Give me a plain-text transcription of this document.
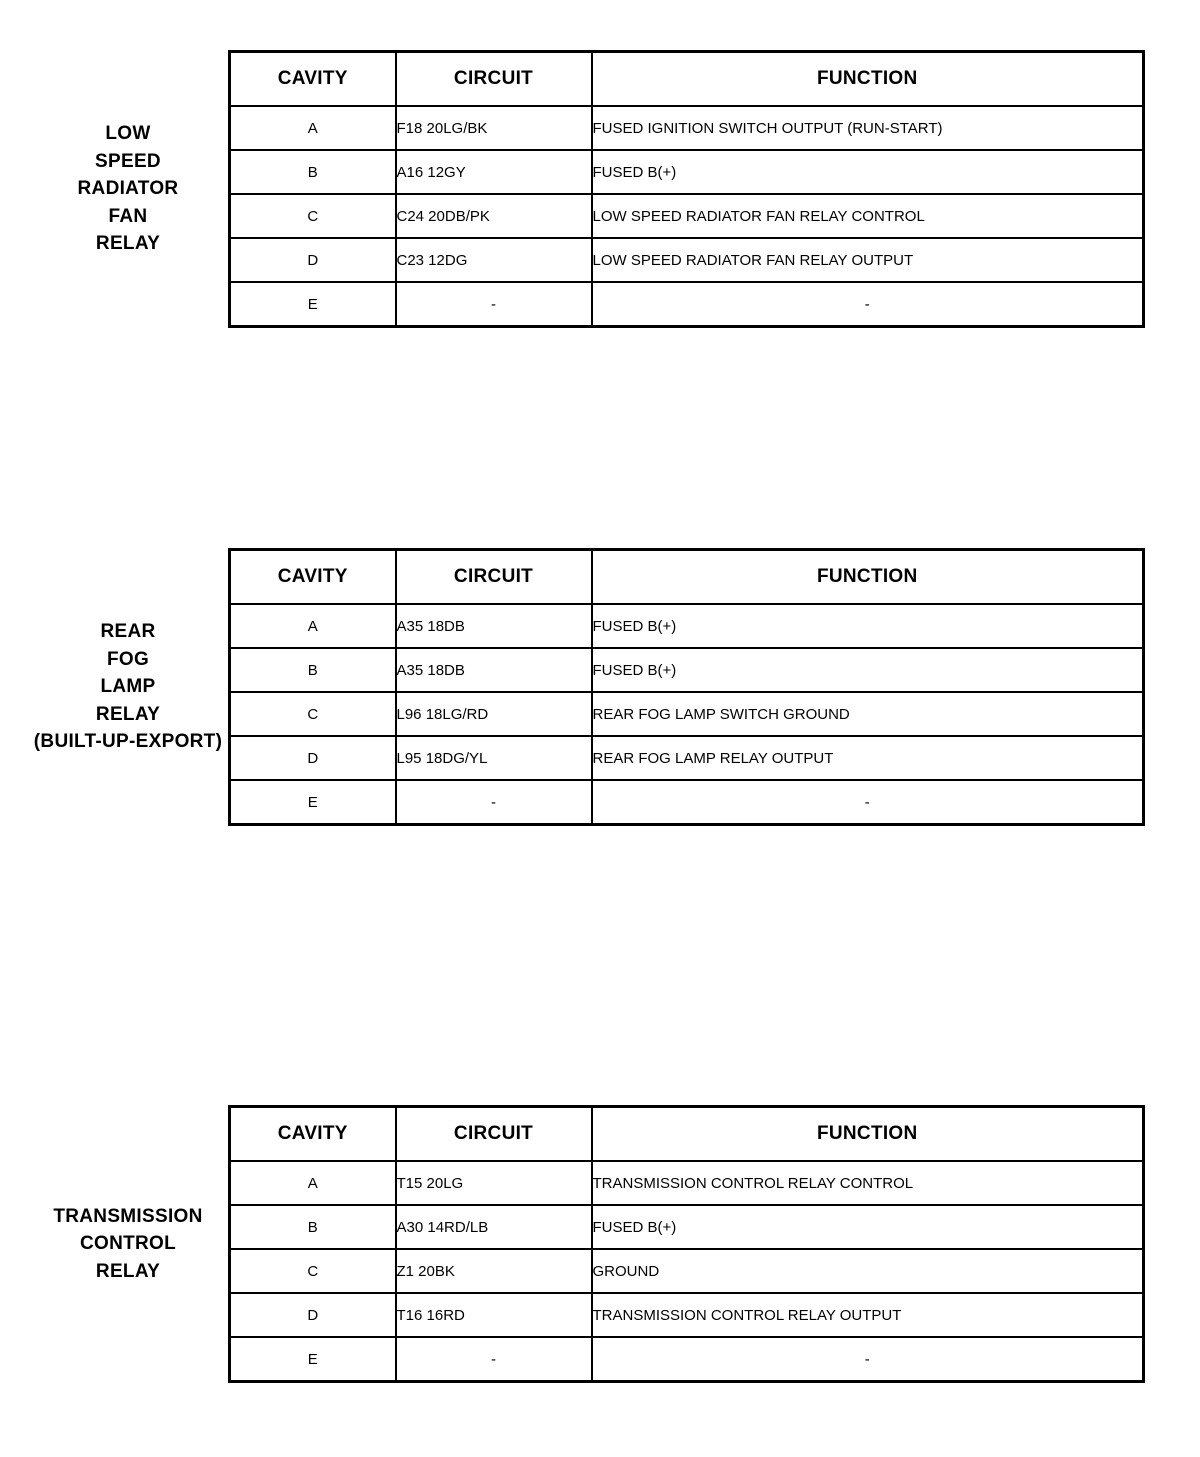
LOW
SPEED
RADIATOR
FAN
RELAY
CAVITY	CIRCUIT	FUNCTION
A	F18 20LG/BK	FUSED IGNITION SWITCH OUTPUT (RUN-START)
B	A16 12GY	FUSED B(+)
C	C24 20DB/PK	LOW SPEED RADIATOR FAN RELAY CONTROL
D	C23 12DG	LOW SPEED RADIATOR FAN RELAY OUTPUT
E	-	-
REAR
FOG
LAMP
RELAY
(BUILT-UP-EXPORT)
CAVITY	CIRCUIT	FUNCTION
A	A35 18DB	FUSED B(+)
B	A35 18DB	FUSED B(+)
C	L96 18LG/RD	REAR FOG LAMP SWITCH GROUND
D	L95 18DG/YL	REAR FOG LAMP RELAY OUTPUT
E	-	-
TRANSMISSION
CONTROL
RELAY
CAVITY	CIRCUIT	FUNCTION
A	T15 20LG	TRANSMISSION CONTROL RELAY CONTROL
B	A30 14RD/LB	FUSED B(+)
C	Z1 20BK	GROUND
D	T16 16RD	TRANSMISSION CONTROL RELAY OUTPUT
E	-	-
